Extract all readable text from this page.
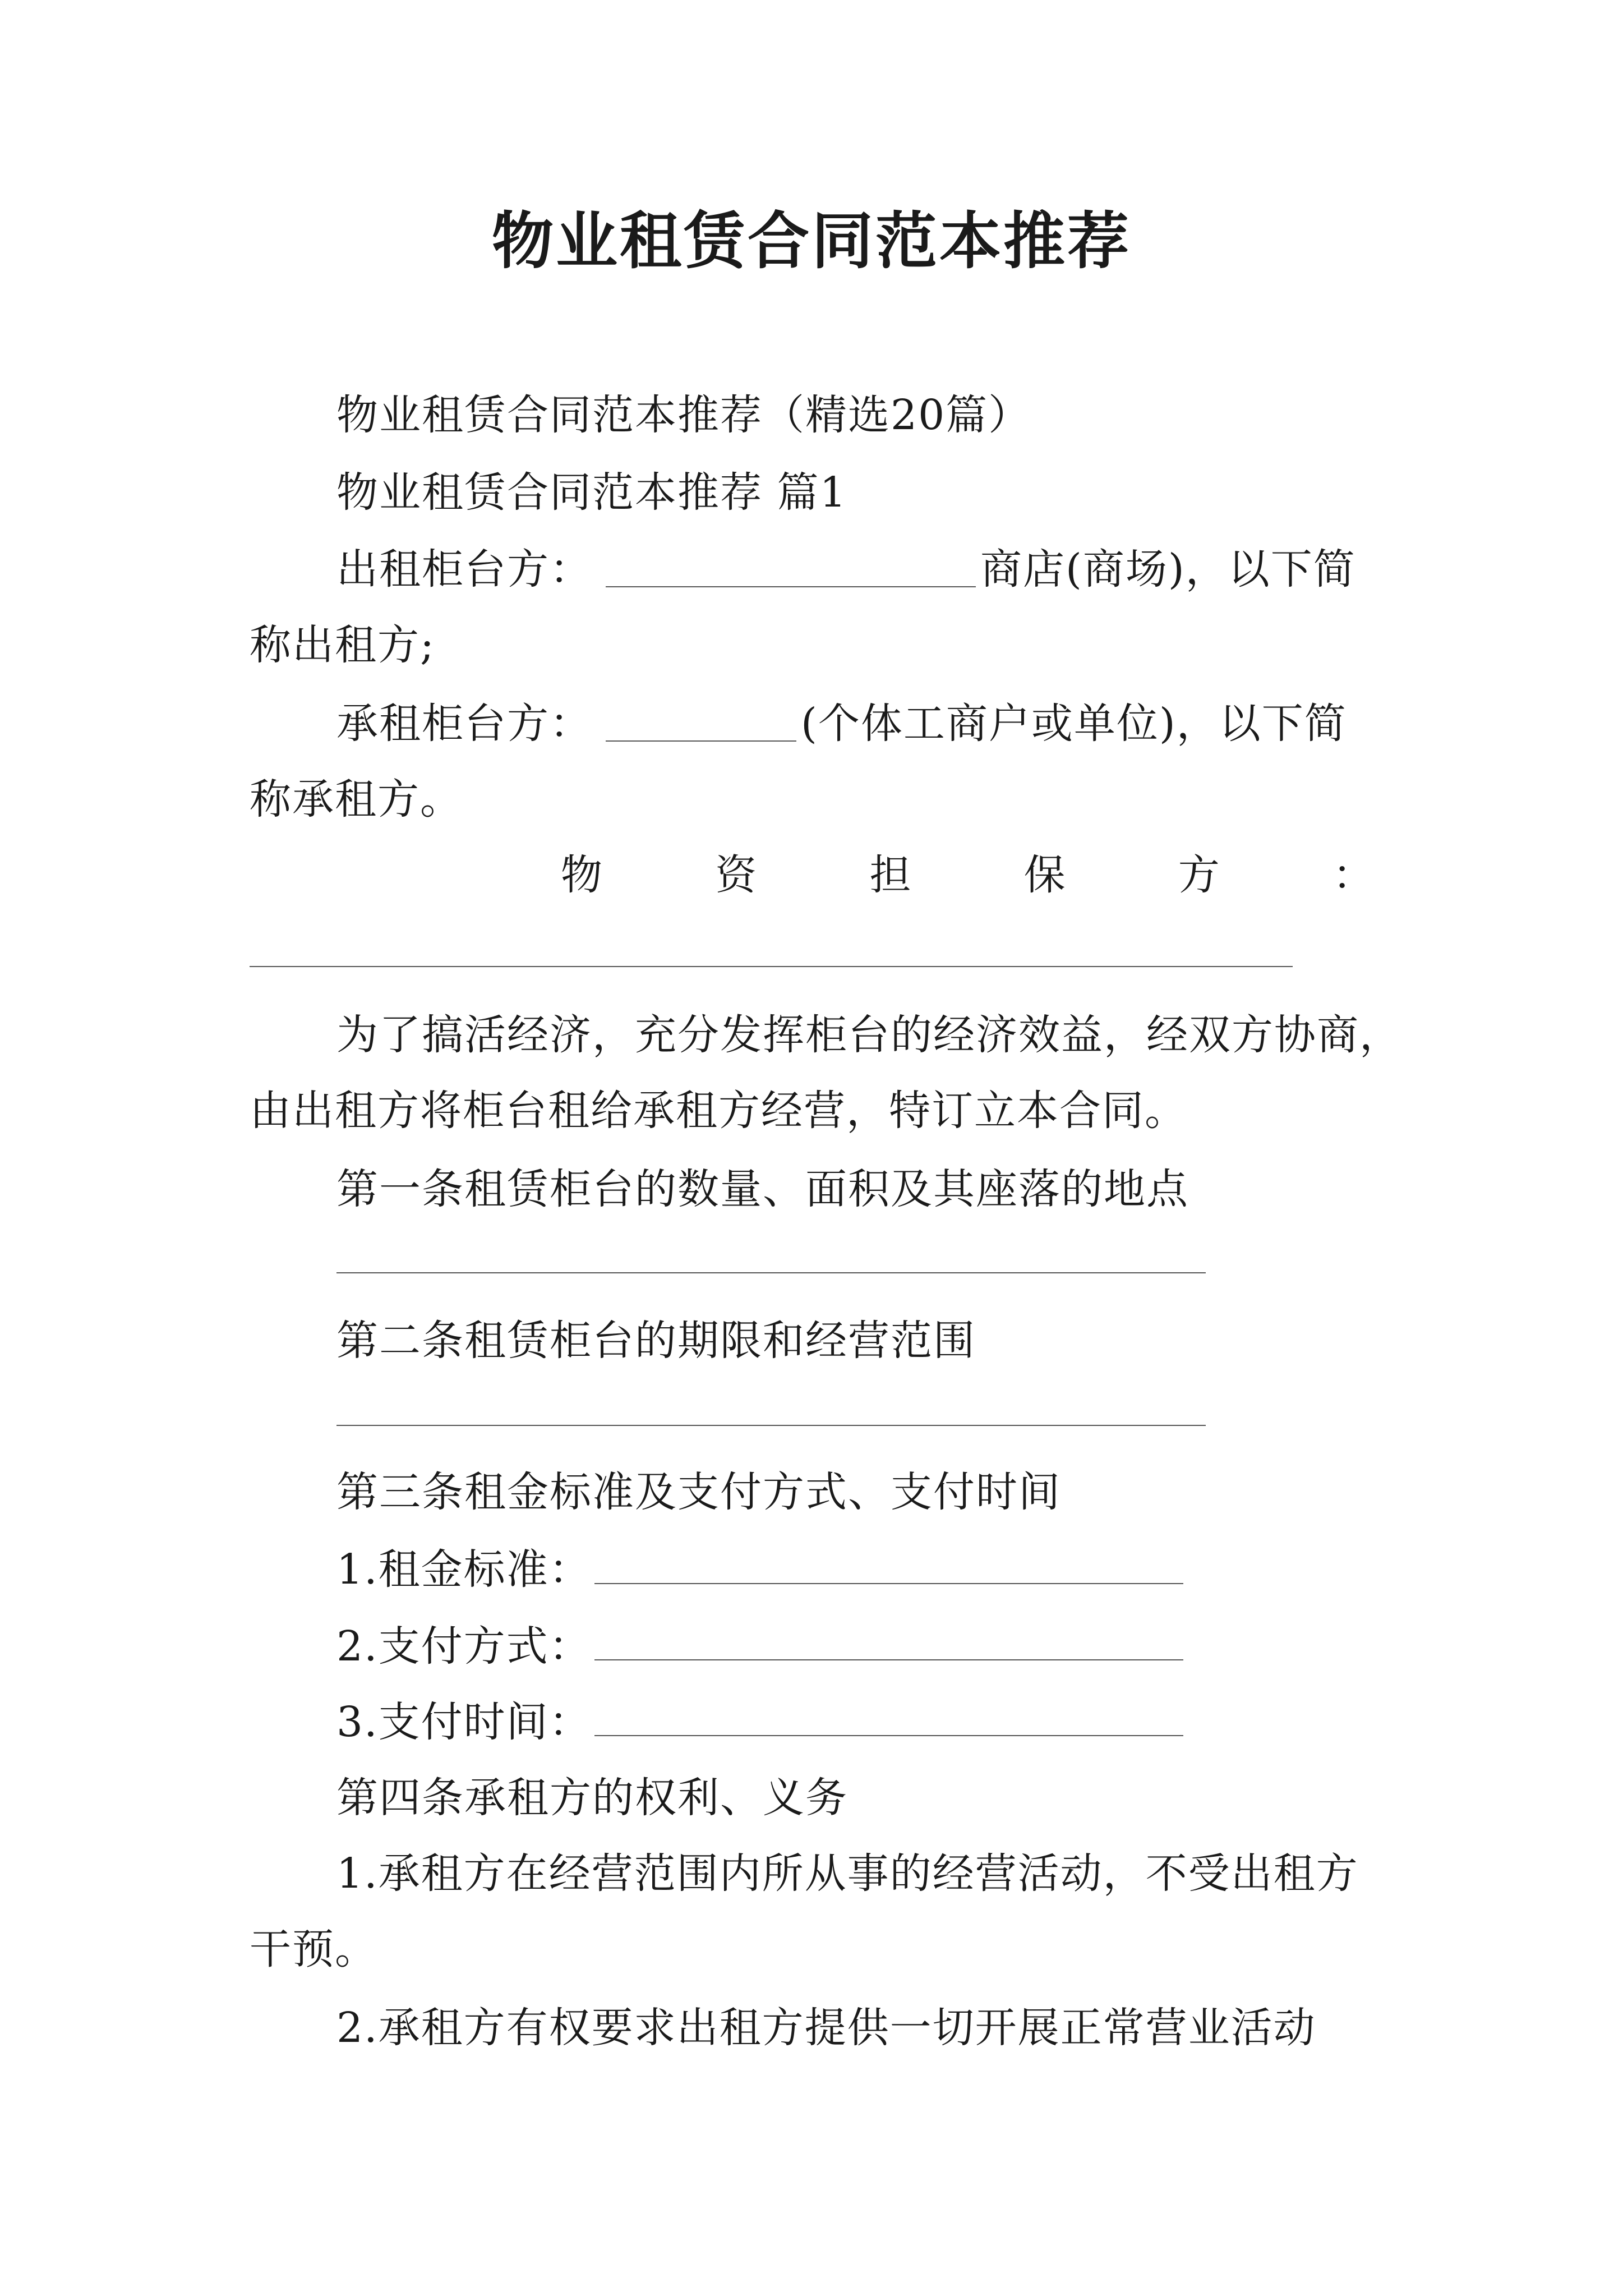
物业租赁合同范本推荐

物业租赁合同范本推荐（精选20篇）

物业租赁合同范本推荐 篇1

出租柜台方：	商店(商场)，以下简

称出租方;

承租柜台方：	(个体工商户或单位)，以下简

称承租方。

物	资	担	保	方	：

为了搞活经济，充分发挥柜台的经济效益，经双方协商，

由出租方将柜台租给承租方经营，特订立本合同。

第一条租赁柜台的数量、面积及其座落的地点

第二条租赁柜台的期限和经营范围

第三条租金标准及支付方式、支付时间

1.租金标准：

2.支付方式：

3.支付时间：

第四条承租方的权利、义务

1.承租方在经营范围内所从事的经营活动，不受出租方

干预。

2.承租方有权要求出租方提供一切开展正常营业活动
